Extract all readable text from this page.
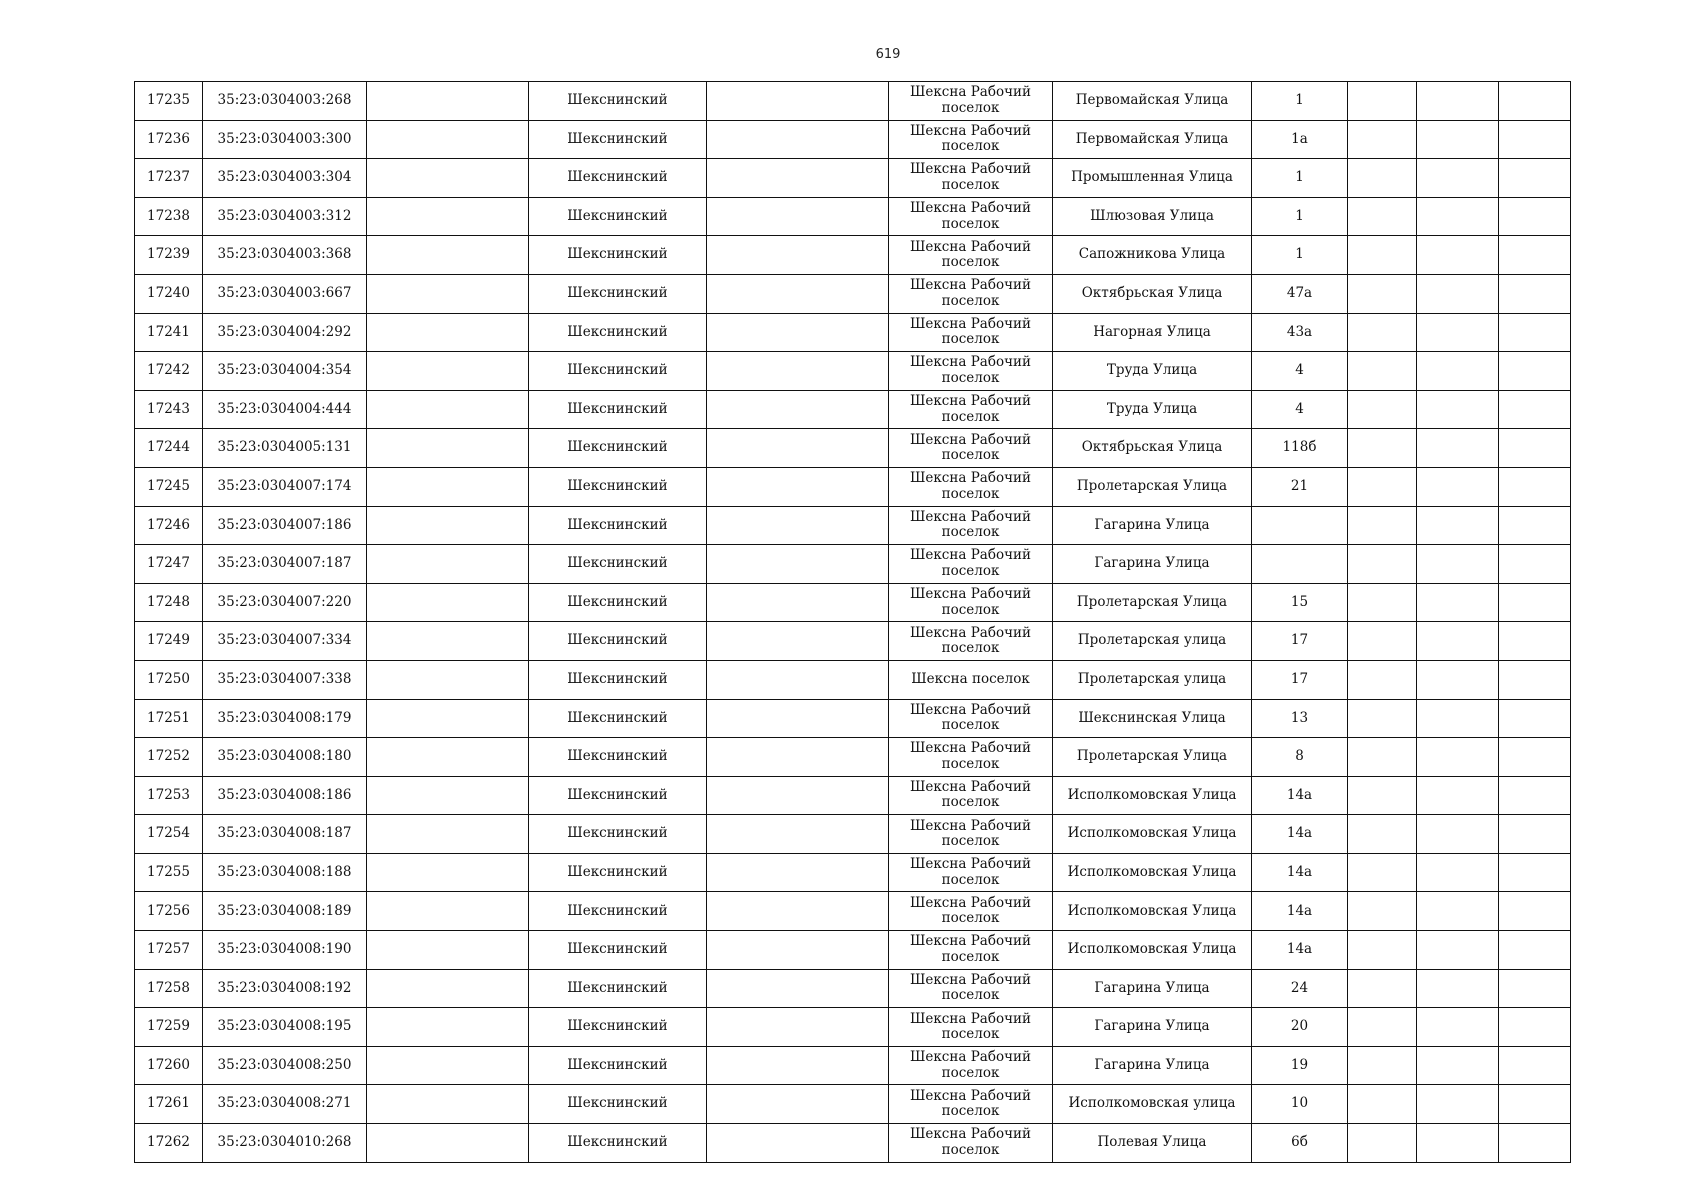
619
17235	35:23:0304003:268		Шекснинский		Шексна Рабочий поселок	Первомайская Улица	1			
17236	35:23:0304003:300		Шекснинский		Шексна Рабочий поселок	Первомайская Улица	1а			
17237	35:23:0304003:304		Шекснинский		Шексна Рабочий поселок	Промышленная Улица	1			
17238	35:23:0304003:312		Шекснинский		Шексна Рабочий поселок	Шлюзовая Улица	1			
17239	35:23:0304003:368		Шекснинский		Шексна Рабочий поселок	Сапожникова Улица	1			
17240	35:23:0304003:667		Шекснинский		Шексна Рабочий поселок	Октябрьская Улица	47а			
17241	35:23:0304004:292		Шекснинский		Шексна Рабочий поселок	Нагорная Улица	43а			
17242	35:23:0304004:354		Шекснинский		Шексна Рабочий поселок	Труда Улица	4			
17243	35:23:0304004:444		Шекснинский		Шексна Рабочий поселок	Труда Улица	4			
17244	35:23:0304005:131		Шекснинский		Шексна Рабочий поселок	Октябрьская Улица	118б			
17245	35:23:0304007:174		Шекснинский		Шексна Рабочий поселок	Пролетарская Улица	21			
17246	35:23:0304007:186		Шекснинский		Шексна Рабочий поселок	Гагарина Улица				
17247	35:23:0304007:187		Шекснинский		Шексна Рабочий поселок	Гагарина Улица				
17248	35:23:0304007:220		Шекснинский		Шексна Рабочий поселок	Пролетарская Улица	15			
17249	35:23:0304007:334		Шекснинский		Шексна Рабочий поселок	Пролетарская улица	17			
17250	35:23:0304007:338		Шекснинский		Шексна поселок	Пролетарская улица	17			
17251	35:23:0304008:179		Шекснинский		Шексна Рабочий поселок	Шекснинская Улица	13			
17252	35:23:0304008:180		Шекснинский		Шексна Рабочий поселок	Пролетарская Улица	8			
17253	35:23:0304008:186		Шекснинский		Шексна Рабочий поселок	Исполкомовская Улица	14а			
17254	35:23:0304008:187		Шекснинский		Шексна Рабочий поселок	Исполкомовская Улица	14а			
17255	35:23:0304008:188		Шекснинский		Шексна Рабочий поселок	Исполкомовская Улица	14а			
17256	35:23:0304008:189		Шекснинский		Шексна Рабочий поселок	Исполкомовская Улица	14а			
17257	35:23:0304008:190		Шекснинский		Шексна Рабочий поселок	Исполкомовская Улица	14а			
17258	35:23:0304008:192		Шекснинский		Шексна Рабочий поселок	Гагарина Улица	24			
17259	35:23:0304008:195		Шекснинский		Шексна Рабочий поселок	Гагарина Улица	20			
17260	35:23:0304008:250		Шекснинский		Шексна Рабочий поселок	Гагарина Улица	19			
17261	35:23:0304008:271		Шекснинский		Шексна Рабочий поселок	Исполкомовская улица	10			
17262	35:23:0304010:268		Шекснинский		Шексна Рабочий поселок	Полевая Улица	6б			
